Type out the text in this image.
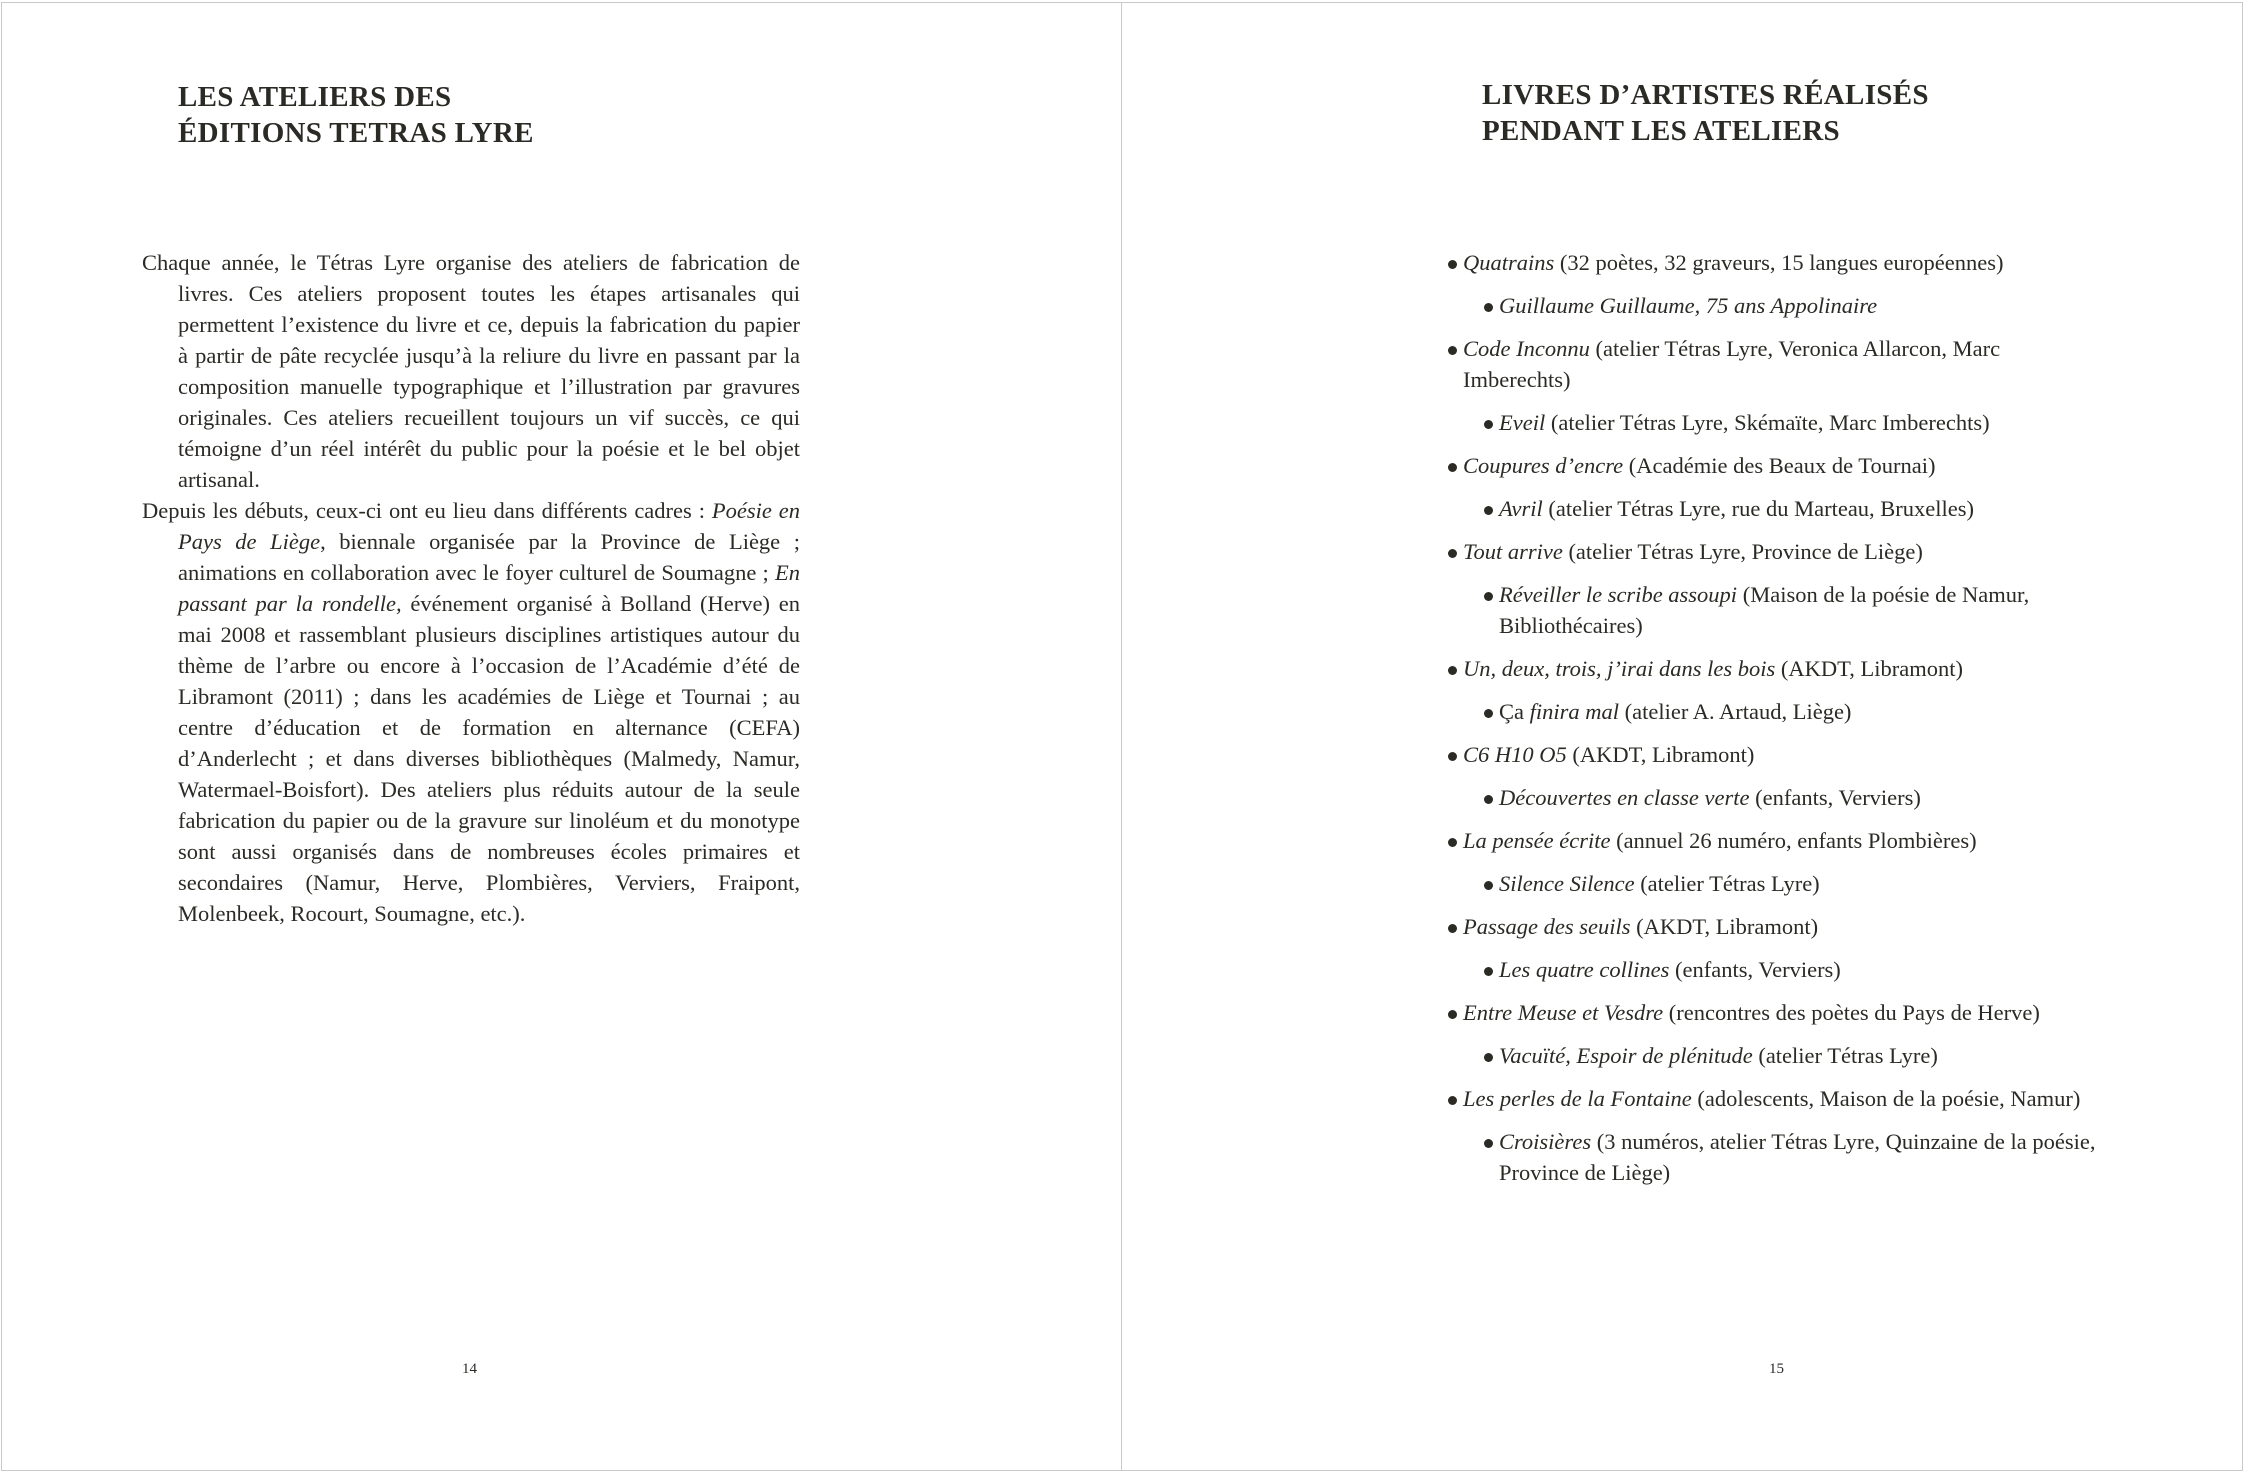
LES ATELIERS DES
ÉDITIONS TETRAS LYRE

Chaque année, le Tétras Lyre organise des ateliers de fabrication de livres. Ces ateliers proposent toutes les étapes artisanales qui permettent l’existence du livre et ce, depuis la fabrication du papier à partir de pâte recyclée jusqu’à la reliure du livre en passant par la composition manuelle typographique et l’illustration par gravures originales. Ces ateliers recueillent toujours un vif succès, ce qui témoigne d’un réel intérêt du public pour la poésie et le bel objet artisanal.

Depuis les débuts, ceux-ci ont eu lieu dans différents cadres : Poésie en Pays de Liège, biennale organisée par la Province de Liège ; animations en collaboration avec le foyer culturel de Soumagne ; En passant par la rondelle, événement organisé à Bolland (Herve) en mai 2008 et rassemblant plusieurs disciplines artistiques autour du thème de l’arbre ou encore à l’occasion de l’Académie d’été de Libramont (2011) ; dans les académies de Liège et Tournai ; au centre d’éducation et de formation en alternance (CEFA) d’Anderlecht ; et dans diverses bibliothèques (Malmedy, Namur, Watermael-Boisfort). Des ateliers plus réduits autour de la seule fabrication du papier ou de la gravure sur linoléum et du monotype sont aussi organisés dans de nombreuses écoles primaires et secondaires (Namur, Herve, Plombières, Verviers, Fraipont, Molenbeek, Rocourt, Soumagne, etc.).

14
LIVRES D’ARTISTES RÉALISÉS
PENDANT LES ATELIERS
Quatrains (32 poètes, 32 graveurs, 15 langues européennes)
Guillaume Guillaume, 75 ans Appolinaire
Code Inconnu (atelier Tétras Lyre, Veronica Allarcon, Marc Imberechts)
Eveil (atelier Tétras Lyre, Skémaïte, Marc Imberechts)
Coupures d’encre (Académie des Beaux de Tournai)
Avril (atelier Tétras Lyre, rue du Marteau, Bruxelles)
Tout arrive (atelier Tétras Lyre, Province de Liège)
Réveiller le scribe assoupi (Maison de la poésie de Namur, Bibliothécaires)
Un, deux, trois, j’irai dans les bois (AKDT, Libramont)
Ça finira mal (atelier A. Artaud, Liège)
C6 H10 O5 (AKDT, Libramont)
Découvertes en classe verte (enfants, Verviers)
La pensée écrite (annuel 26 numéro, enfants Plombières)
Silence Silence (atelier Tétras Lyre)
Passage des seuils (AKDT, Libramont)
Les quatre collines (enfants, Verviers)
Entre Meuse et Vesdre (rencontres des poètes du Pays de Herve)
Vacuïté, Espoir de plénitude (atelier Tétras Lyre)
Les perles de la Fontaine (adolescents, Maison de la poésie, Namur)
Croisières (3 numéros, atelier Tétras Lyre, Quinzaine de la poésie, Province de Liège)
15
